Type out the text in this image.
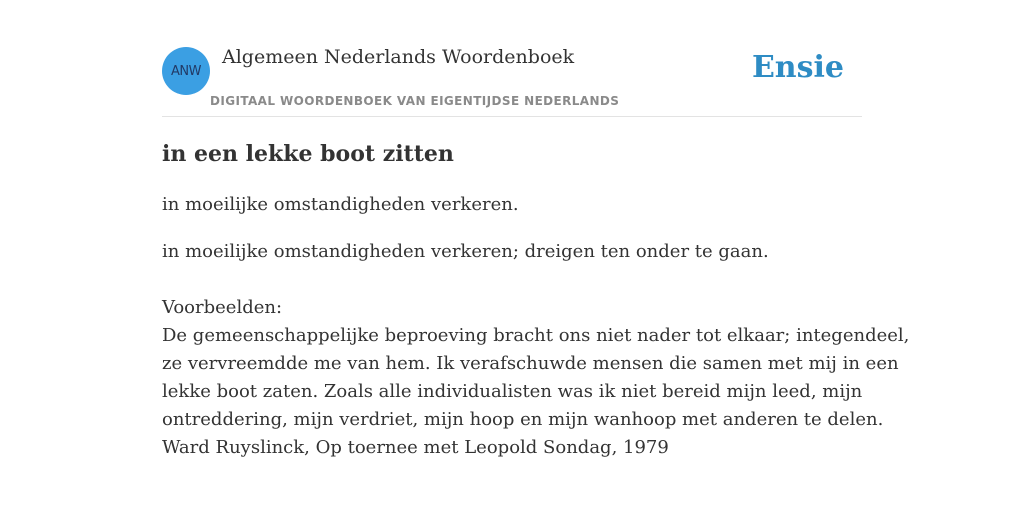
ANW
Algemeen Nederlands Woordenboek
DIGITAAL WOORDENBOEK VAN EIGENTIJDSE NEDERLANDS
Ensie
in een lekke boot zitten

in moeilijke omstandigheden verkeren.

in moeilijke omstandigheden verkeren; dreigen ten onder te gaan.

Voorbeelden:
De gemeenschappelijke beproeving bracht ons niet nader tot elkaar; integendeel,
ze vervreemdde me van hem. Ik verafschuwde mensen die samen met mij in een
lekke boot zaten. Zoals alle individualisten was ik niet bereid mijn leed, mijn
ontreddering, mijn verdriet, mijn hoop en mijn wanhoop met anderen te delen.
Ward Ruyslinck, Op toernee met Leopold Sondag, 1979
